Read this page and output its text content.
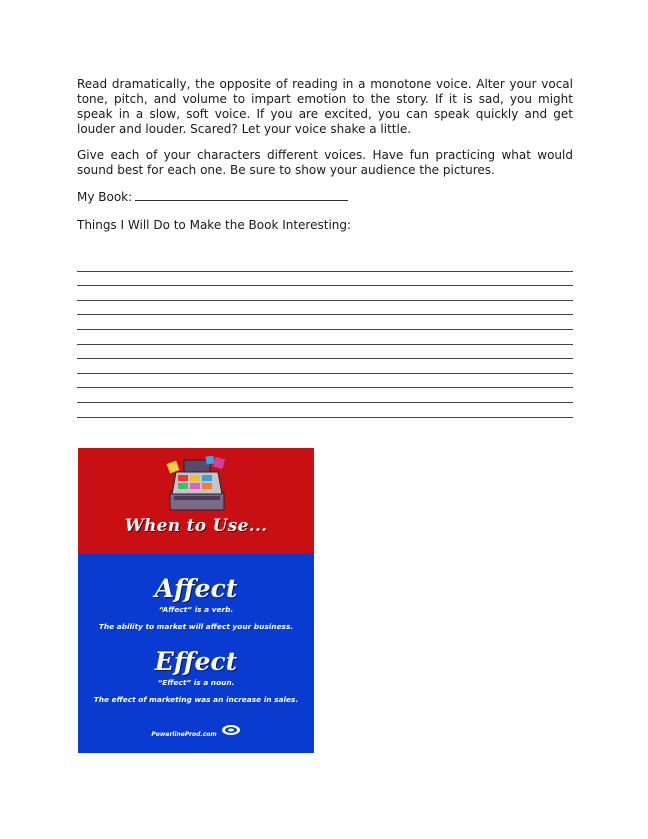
Read dramatically, the opposite of reading in a monotone voice. Alter your vocal tone, pitch, and volume to impart emotion to the story. If it is sad, you might speak in a slow, soft voice. If you are excited, you can speak quickly and get louder and louder. Scared? Let your voice shake a little.

Give each of your characters different voices. Have fun practicing what would sound best for each one. Be sure to show your audience the pictures.

My Book:
Things I Will Do to Make the Book Interesting:
When to Use...
Affect
“Affect” is a verb.
The ability to market will affect your business.
Effect
“Effect” is a noun.
The effect of marketing was an increase in sales.
PowerlineProd.com
